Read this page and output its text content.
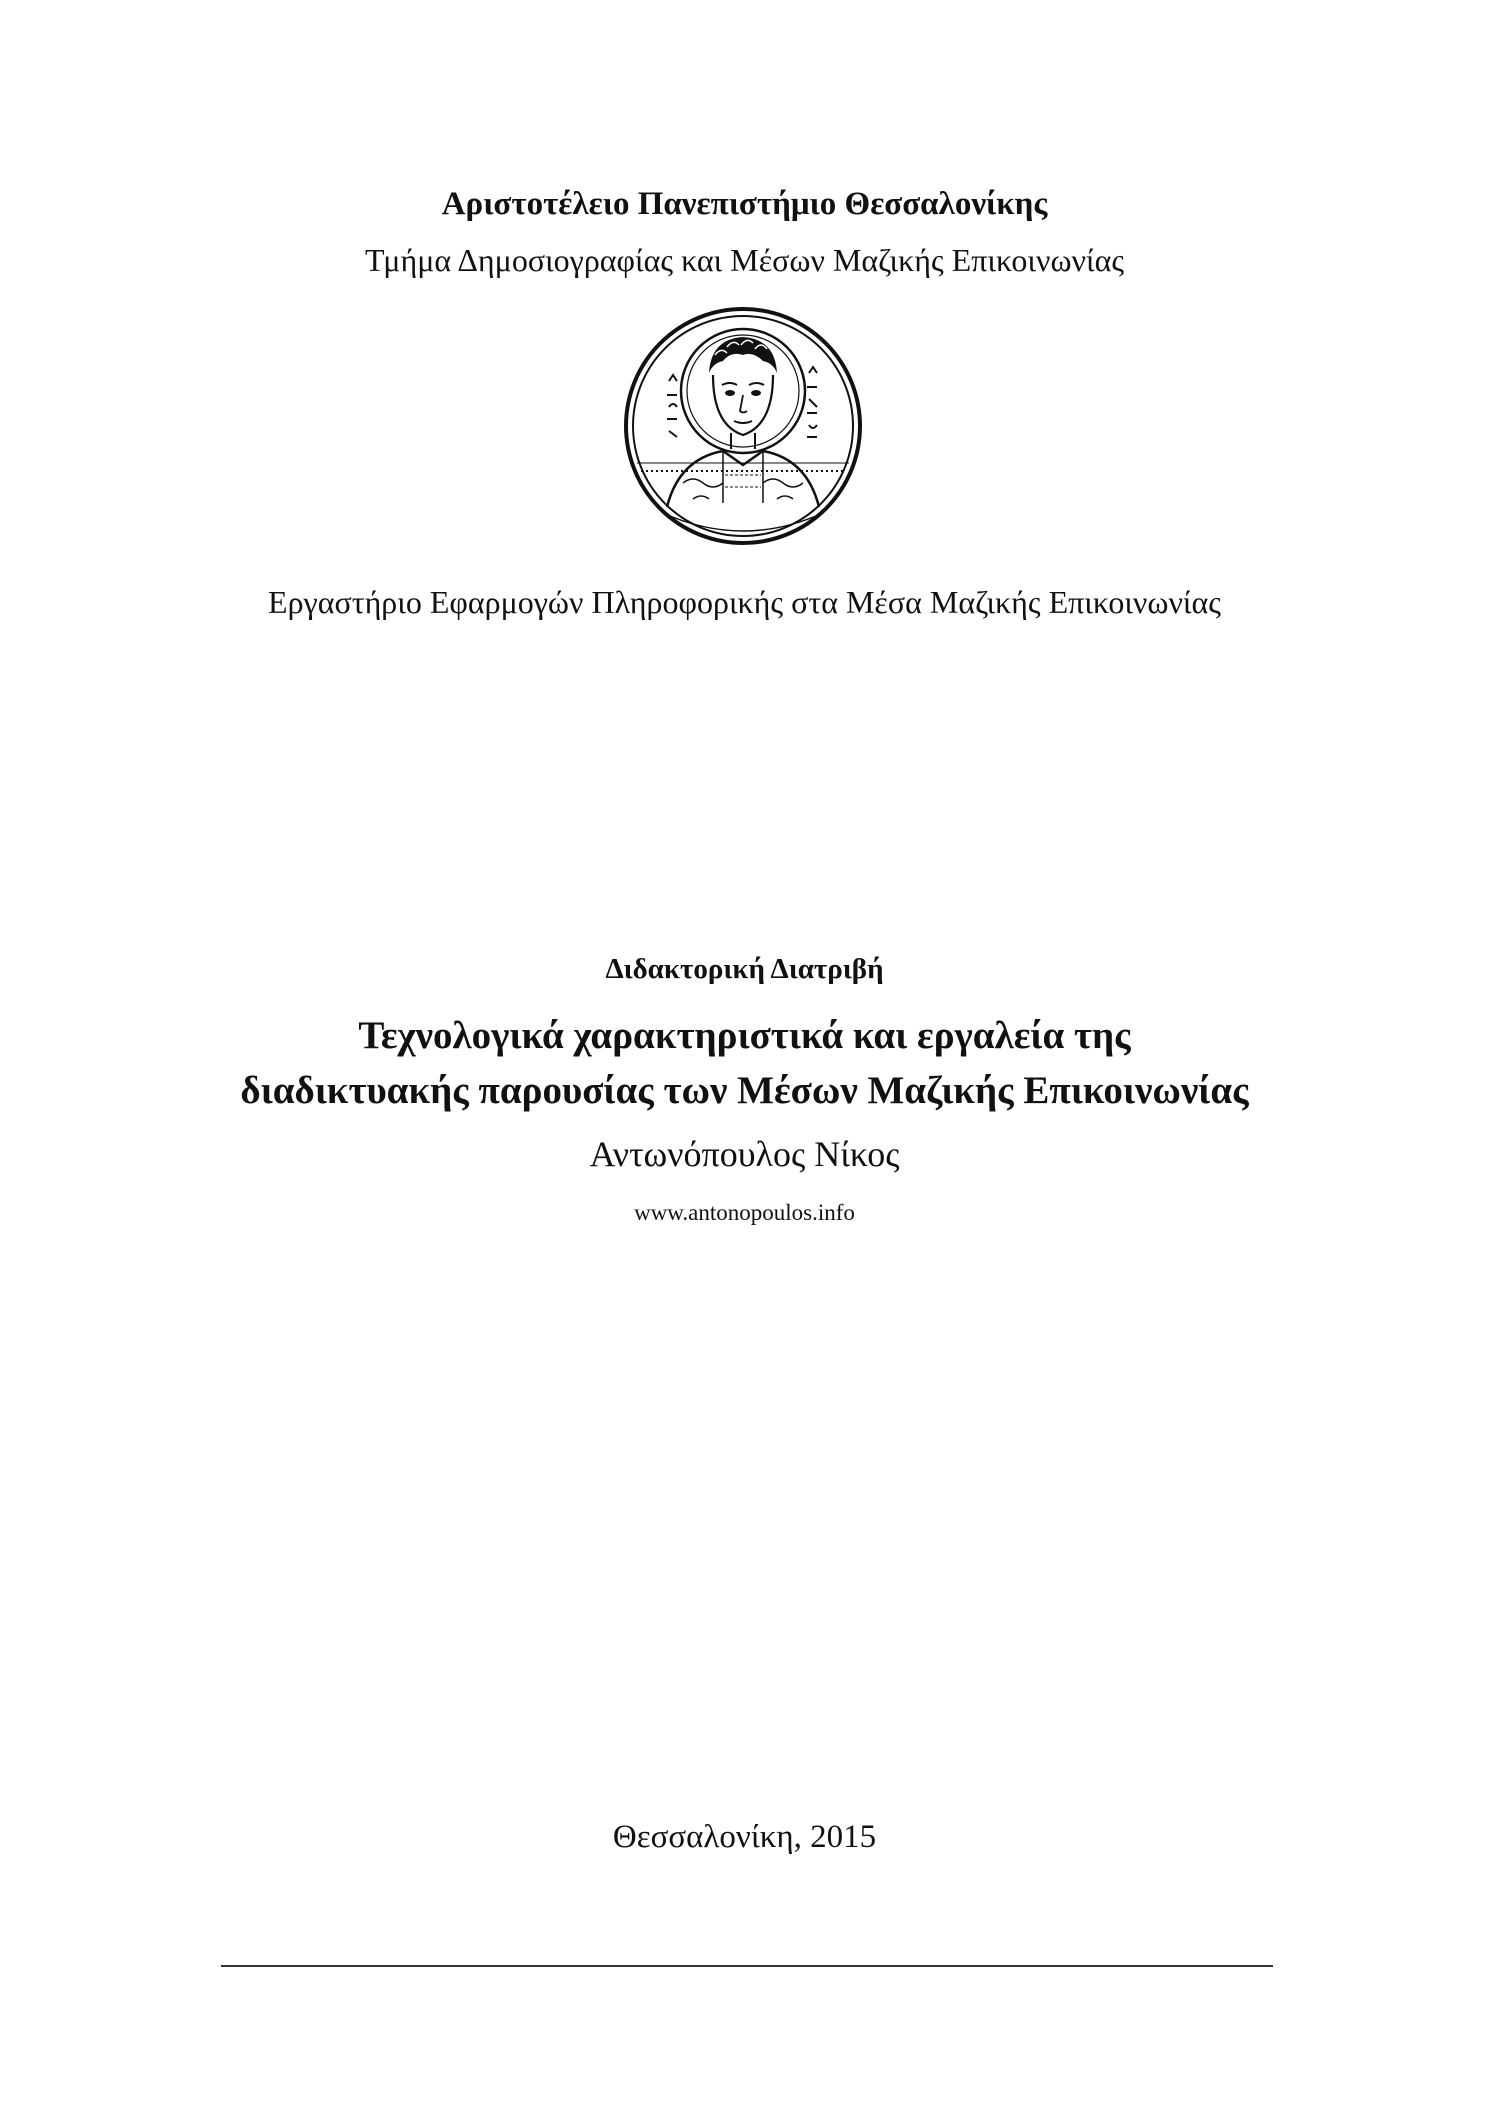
Αριστοτέλειο Πανεπιστήμιο Θεσσαλονίκης
Τμήμα Δημοσιογραφίας και Μέσων Μαζικής Επικοινωνίας
Εργαστήριο Εφαρμογών Πληροφορικής στα Μέσα Μαζικής Επικοινωνίας
Διδακτορική Διατριβή
Τεχνολογικά χαρακτηριστικά και εργαλεία της
διαδικτυακής παρουσίας των Μέσων Μαζικής Επικοινωνίας
Αντωνόπουλος Νίκος
www.antonopoulos.info
Θεσσαλονίκη, 2015
